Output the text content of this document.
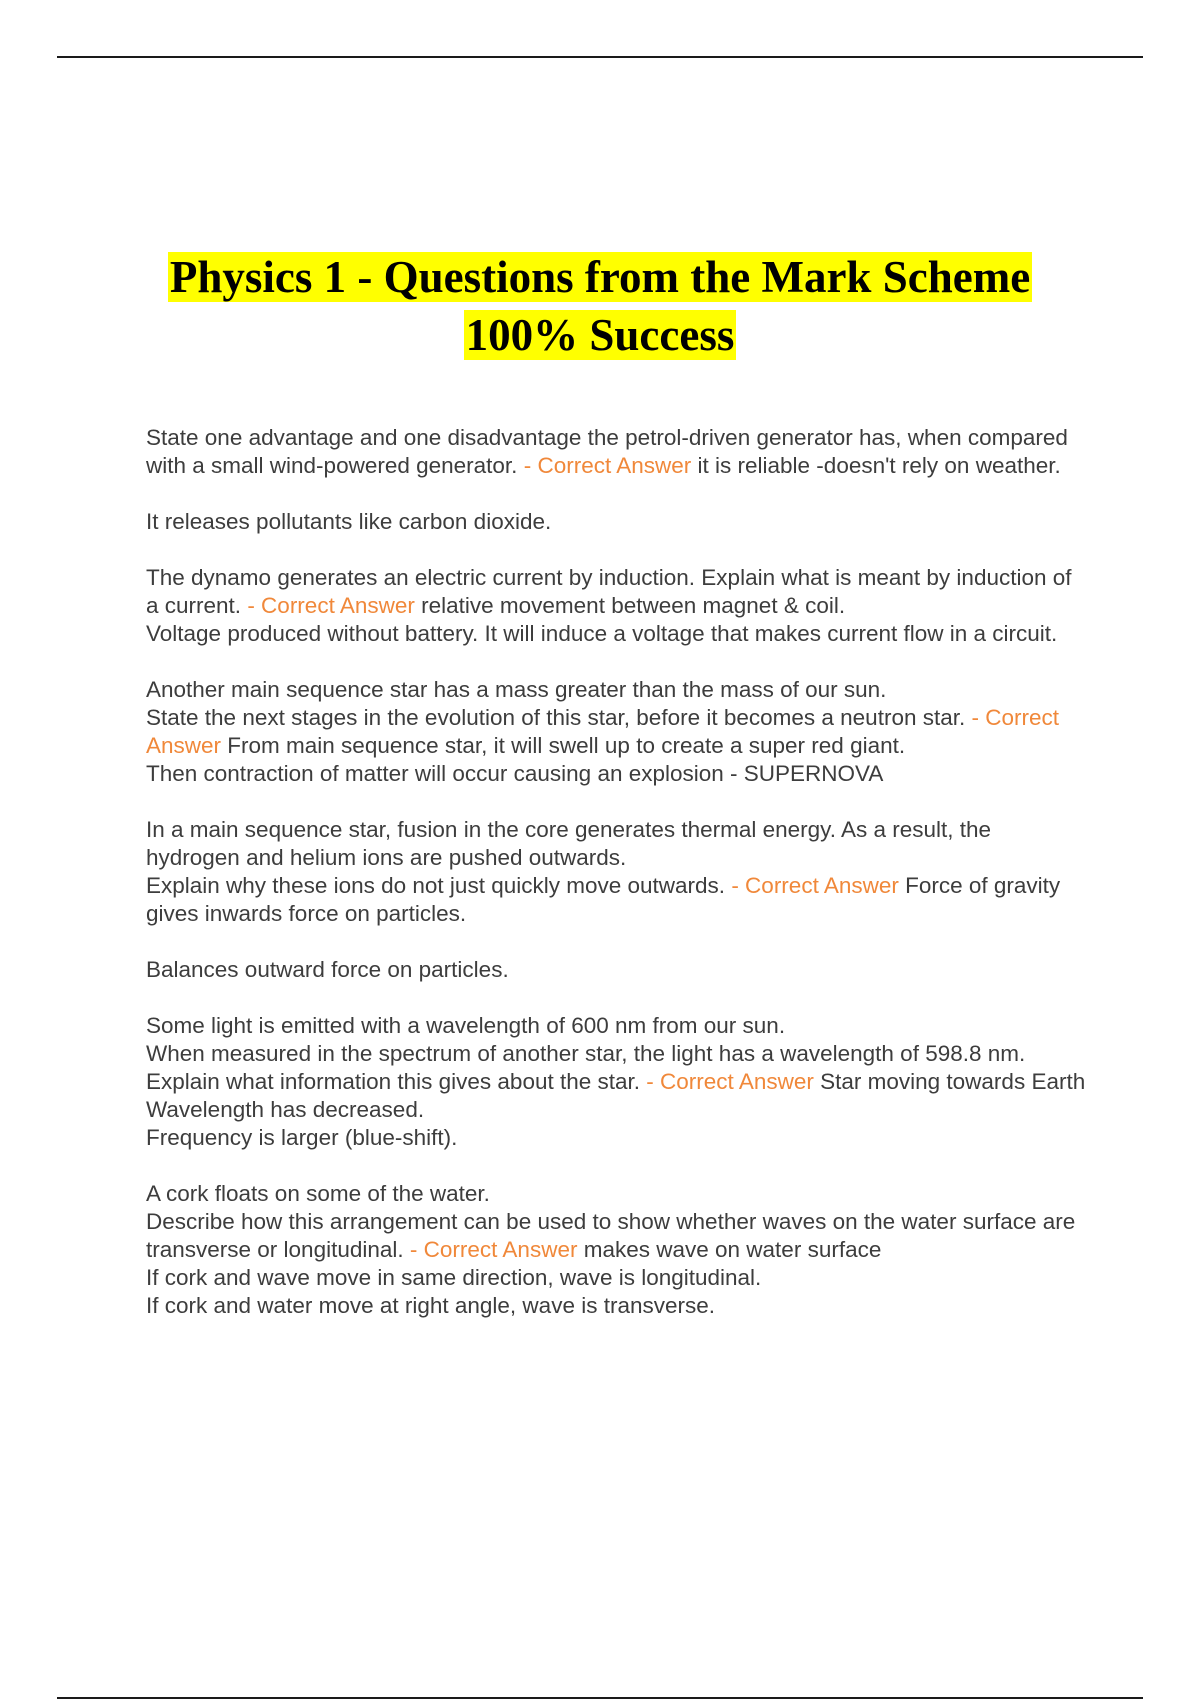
Physics 1 - Questions from the Mark Scheme
100% Success

State one advantage and one disadvantage the petrol-driven generator has, when compared with a small wind-powered generator. - Correct Answer it is reliable -doesn't rely on weather.

It releases pollutants like carbon dioxide.

The dynamo generates an electric current by induction. Explain what is meant by induction of a current. - Correct Answer relative movement between magnet & coil.
Voltage produced without battery. It will induce a voltage that makes current flow in a circuit.

Another main sequence star has a mass greater than the mass of our sun.
State the next stages in the evolution of this star, before it becomes a neutron star. - Correct Answer From main sequence star, it will swell up to create a super red giant.
Then contraction of matter will occur causing an explosion - SUPERNOVA

In a main sequence star, fusion in the core generates thermal energy. As a result, the hydrogen and helium ions are pushed outwards.
Explain why these ions do not just quickly move outwards. - Correct Answer Force of gravity gives inwards force on particles.

Balances outward force on particles.

Some light is emitted with a wavelength of 600 nm from our sun.
When measured in the spectrum of another star, the light has a wavelength of 598.8 nm.
Explain what information this gives about the star. - Correct Answer Star moving towards Earth
Wavelength has decreased.
Frequency is larger (blue-shift).

A cork floats on some of the water.
Describe how this arrangement can be used to show whether waves on the water surface are transverse or longitudinal. - Correct Answer makes wave on water surface
If cork and wave move in same direction, wave is longitudinal.
If cork and water move at right angle, wave is transverse.
